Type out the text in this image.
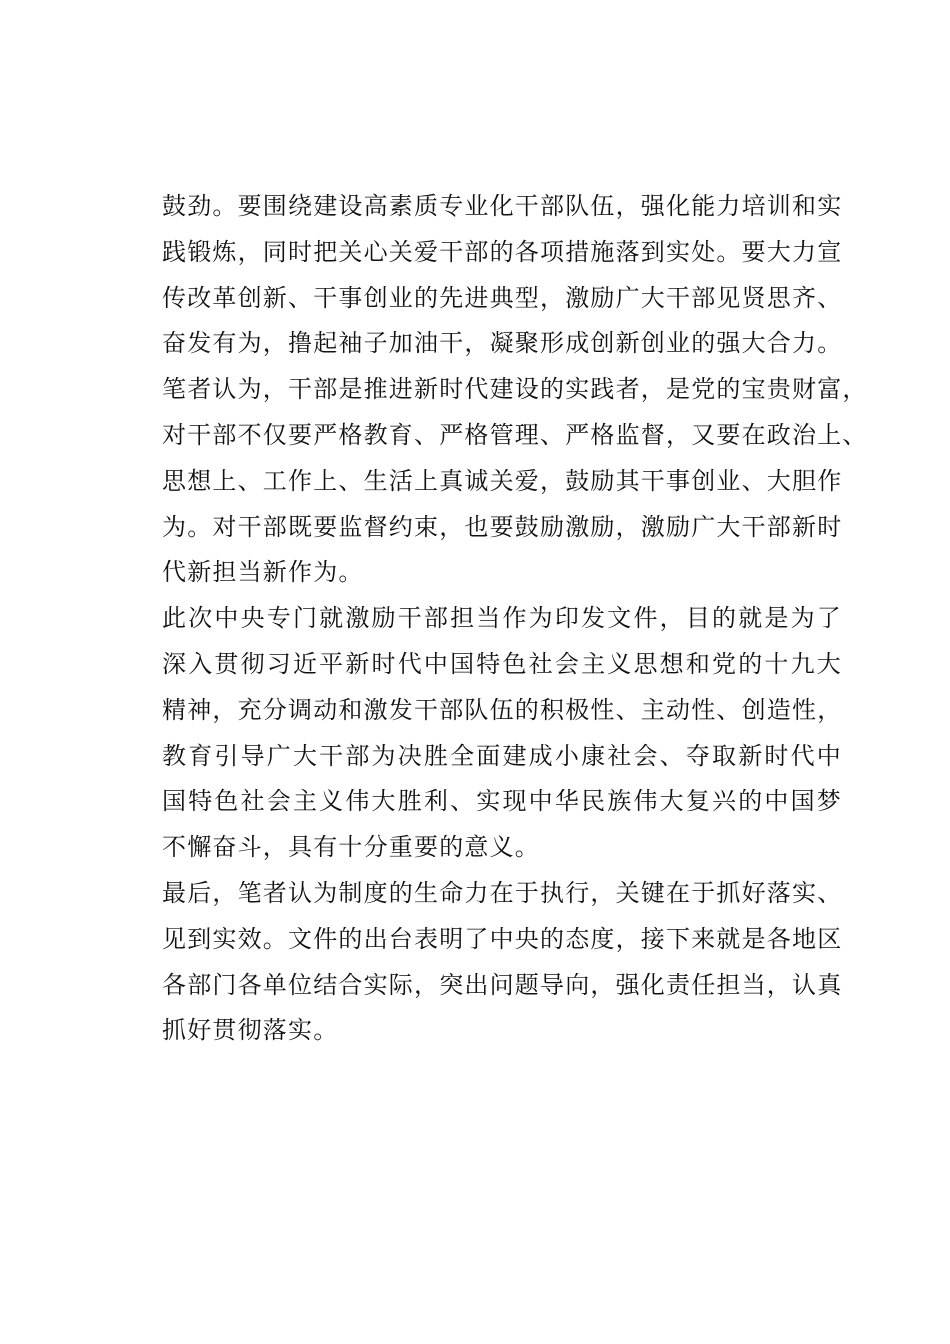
鼓劲。要围绕建设高素质专业化干部队伍，强化能力培训和实
践锻炼，同时把关心关爱干部的各项措施落到实处。要大力宣
传改革创新、干事创业的先进典型，激励广大干部见贤思齐、
奋发有为，撸起袖子加油干，凝聚形成创新创业的强大合力。
笔者认为，干部是推进新时代建设的实践者，是党的宝贵财富，
对干部不仅要严格教育、严格管理、严格监督，又要在政治上、
思想上、工作上、生活上真诚关爱，鼓励其干事创业、大胆作
为。对干部既要监督约束，也要鼓励激励，激励广大干部新时
代新担当新作为。
此次中央专门就激励干部担当作为印发文件，目的就是为了
深入贯彻习近平新时代中国特色社会主义思想和党的十九大
精神，充分调动和激发干部队伍的积极性、主动性、创造性，
教育引导广大干部为决胜全面建成小康社会、夺取新时代中
国特色社会主义伟大胜利、实现中华民族伟大复兴的中国梦
不懈奋斗，具有十分重要的意义。
最后，笔者认为制度的生命力在于执行，关键在于抓好落实、
见到实效。文件的出台表明了中央的态度，接下来就是各地区
各部门各单位结合实际，突出问题导向，强化责任担当，认真
抓好贯彻落实。
